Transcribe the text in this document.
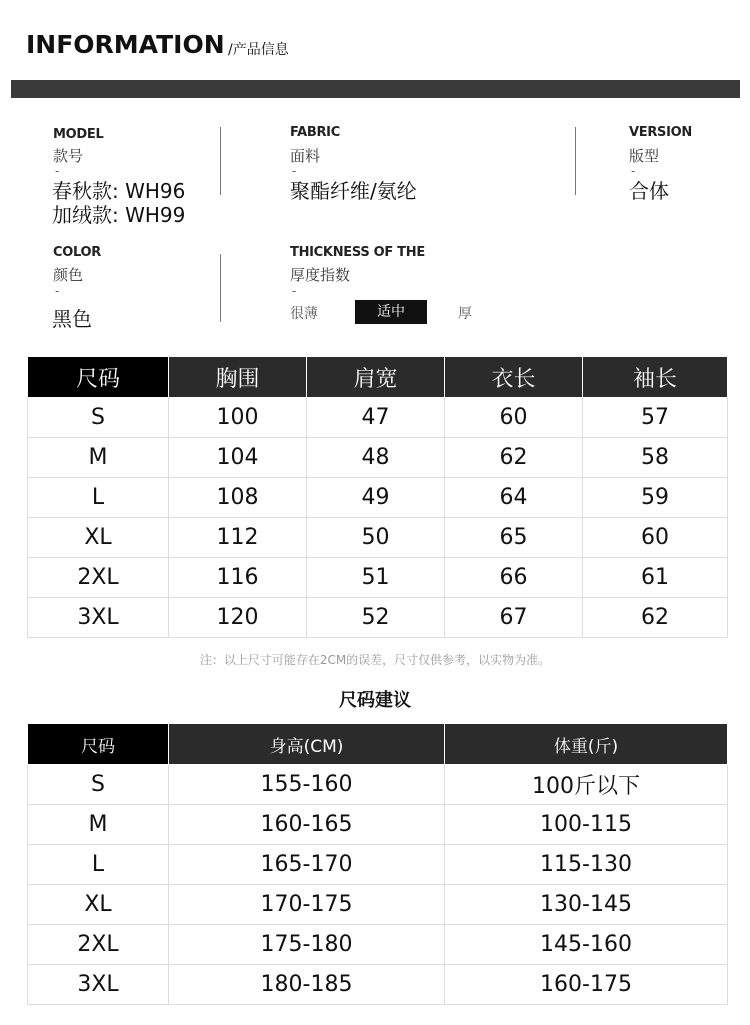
INFORMATION /产品信息
MODEL
款号
-
春秋款: WH96
加绒款: WH99
FABRIC
面料
-
聚酯纤维/氨纶
VERSION
版型
-
合体
COLOR
颜色
-
黑色
THICKNESS OF THE
厚度指数
-
很薄	适中	厚
尺码	胸围	肩宽	衣长	袖长
S	100	47	60	57
M	104	48	62	58
L	108	49	64	59
XL	112	50	65	60
2XL	116	51	66	61
3XL	120	52	67	62
注：以上尺寸可能存在2CM的误差，尺寸仅供参考，以实物为准。
尺码建议
尺码	身高(CM)	体重(斤)
S	155-160	100斤以下
M	160-165	100-115
L	165-170	115-130
XL	170-175	130-145
2XL	175-180	145-160
3XL	180-185	160-175
